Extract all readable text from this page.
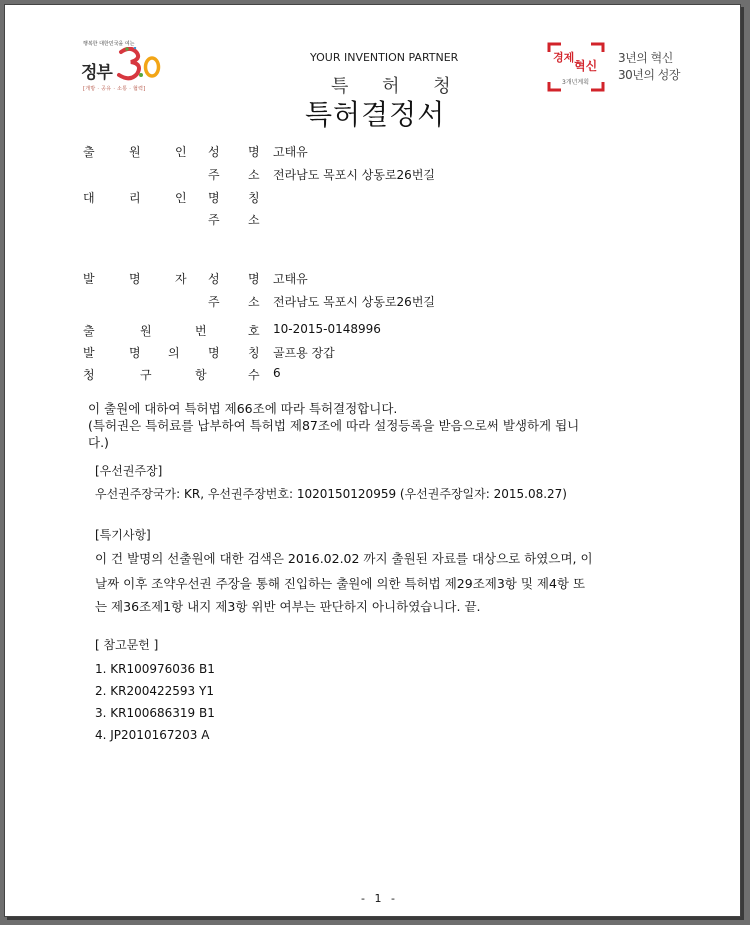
행복한 대한민국을 여는
정부
[개방 · 공유 · 소통 · 협력]
YOUR INVENTION PARTNER
특 허 청
특허결정서
경제
혁신
3개년계획
3년의 혁신
30년의 성장
출	원	인 성 명 고태유
주 소 전라남도 목포시 상동로26번길
대	리	인 명 칭
주 소
발	명	자 성 명 고태유
주 소 전라남도 목포시 상동로26번길
출	원	번	호 10-2015-0148996
발	명 의 명 칭 골프용 장갑
청	구	항	수 6
이 출원에 대하여 특허법 제66조에 따라 특허결정합니다.
(특허권은 특허료를 납부하여 특허법 제87조에 따라 설정등록을 받음으로써 발생하게 됩니
다.)
[우선권주장]
우선권주장국가: KR, 우선권주장번호: 1020150120959 (우선권주장일자: 2015.08.27)
[특기사항]
이 건 발명의 선출원에 대한 검색은 2016.02.02 까지 출원된 자료를 대상으로 하였으며, 이
날짜 이후 조약우선권 주장을 통해 진입하는 출원에 의한 특허법 제29조제3항 및 제4항 또
는 제36조제1항 내지 제3항 위반 여부는 판단하지 아니하였습니다. 끝.
[ 참고문헌 ]
1. KR100976036 B1
2. KR200422593 Y1
3. KR100686319 B1
4. JP2010167203 A
- 1 -
